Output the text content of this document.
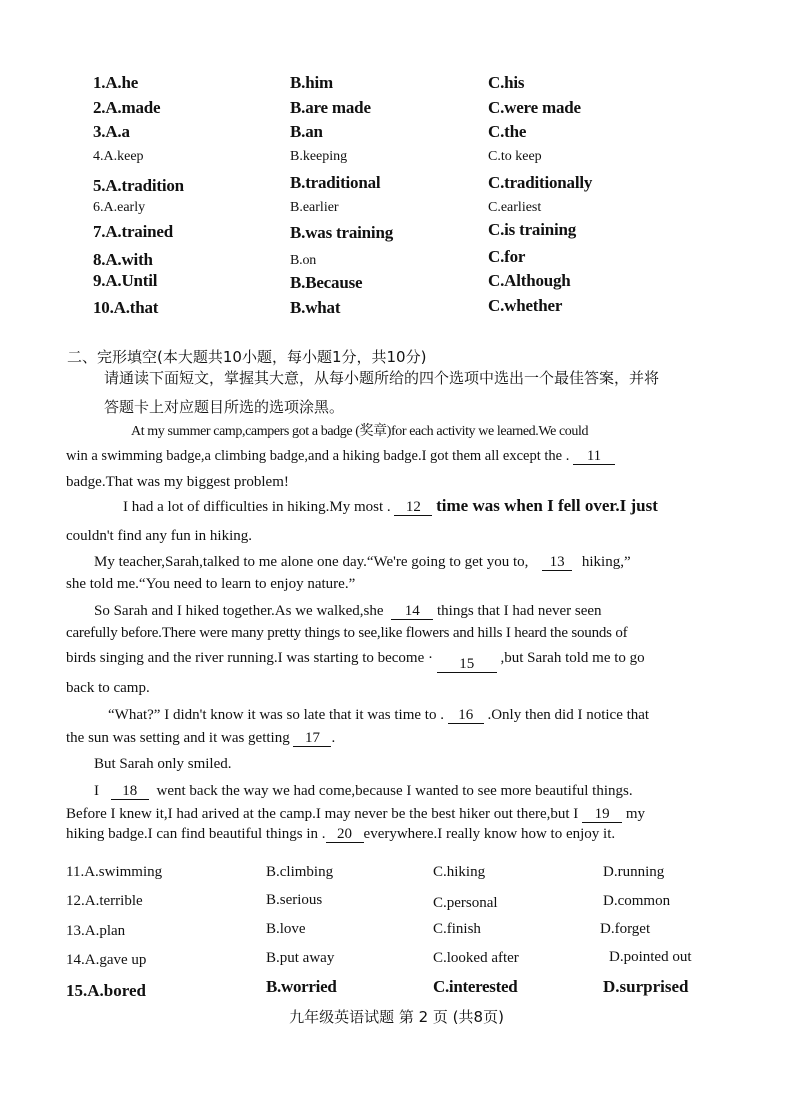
1.A.he	B.him	C.his
2.A.made	B.are made	C.were made
3.A.a	B.an	C.the
4.A.keep	B.keeping	C.to keep
5.A.tradition	B.traditional	C.traditionally
6.A.early	B.earlier	C.earliest
7.A.trained	B.was training	C.is training
8.A.with	B.on	C.for
9.A.Until	B.Because	C.Although
10.A.that	B.what	C.whether
二、完形填空(本大题共10小题，每小题1分，共10分)
请通读下面短文，掌握其大意，从每小题所给的四个选项中选出一个最佳答案，并将
答题卡上对应题目所选的选项涂黑。
At my summer camp,campers got a badge (奖章)for each activity we learned.We could
win a swimming badge,a climbing badge,and a hiking badge.I got them all except the . 11
badge.That was my biggest problem!
I had a lot of difficulties in hiking.My most . 12 time was when I fell over.I just
couldn't find any fun in hiking.
My teacher,Sarah,talked to me alone one day.“We're going to get you to, 13 hiking,”
she told me.“You need to learn to enjoy nature.”
So Sarah and I hiked together.As we walked,she 14 things that I had never seen
carefully before.There were many pretty things to see,like flowers and hills I heard the sounds of
birds singing and the river running.I was starting to become · 15 ,but Sarah told me to go
back to camp.
“What?” I didn't know it was so late that it was time to . 16 .Only then did I notice that
the sun was setting and it was getting 17 .
But Sarah only smiled.
I 18 went back the way we had come,because I wanted to see more beautiful things.
Before I knew it,I had arived at the camp.I may never be the best hiker out there,but I 19 my
hiking badge.I can find beautiful things in . 20 everywhere.I really know how to enjoy it.
11.A.swimming	B.climbing	C.hiking	D.running
12.A.terrible	B.serious	C.personal	D.common
13.A.plan	B.love	C.finish	D.forget
14.A.gave up	B.put away	C.looked after	D.pointed out
15.A.bored	B.worried	C.interested	D.surprised
九年级英语试题 第 2 页 (共8页)
